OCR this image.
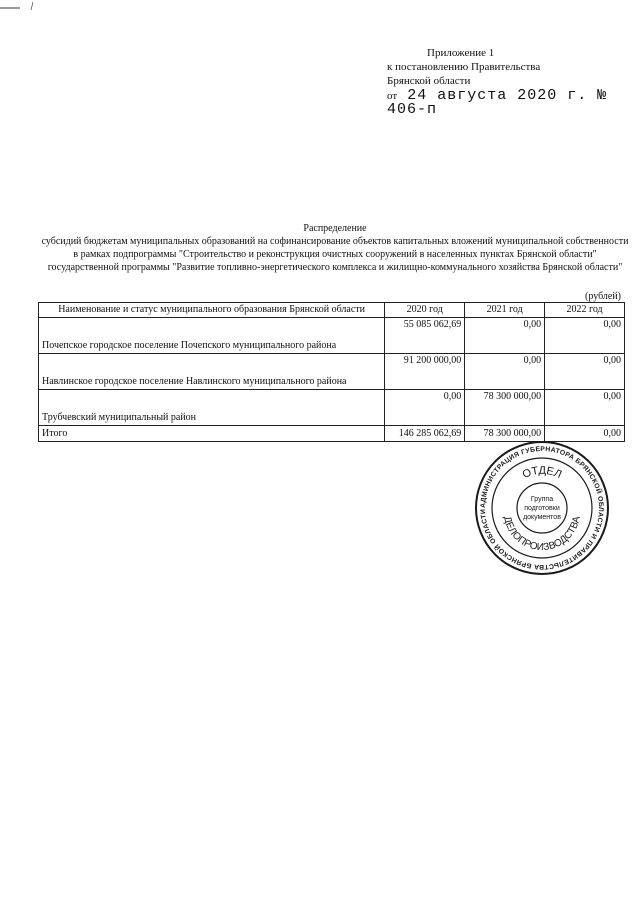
Приложение 1
к постановлению Правительства
Брянской области
от 24 августа 2020 г. № 406-п
Распределение
субсидий бюджетам муниципальных образований на софинансирование объектов капитальных вложений муниципальной собственности в рамках подпрограммы "Строительство и реконструкция очистных сооружений в населенных пунктах Брянской области" государственной программы "Развитие топливно-энергетического комплекса и жилищно-коммунального хозяйства Брянской области"
(рублей)
Наименование и статус муниципального образования Брянской области	2020 год	2021 год	2022 год
Почепское городское поселение Почепского муниципального района	55 085 062,69	0,00	0,00
Навлинское городское поселение Навлинского муниципального района	91 200 000,00	0,00	0,00
Трубчевский муниципальный район	0,00	78 300 000,00	0,00
Итого	146 285 062,69	78 300 000,00	0,00
АДМИНИСТРАЦИЯ ГУБЕРНАТОРА БРЯНСКОЙ ОБЛАСТИ И ПРАВИТЕЛЬСТВА БРЯНСКОЙ ОБЛАСТИ
ОТДЕЛ
ДЕЛОПРОИЗВОДСТВА
Группа
подготовки
документов
